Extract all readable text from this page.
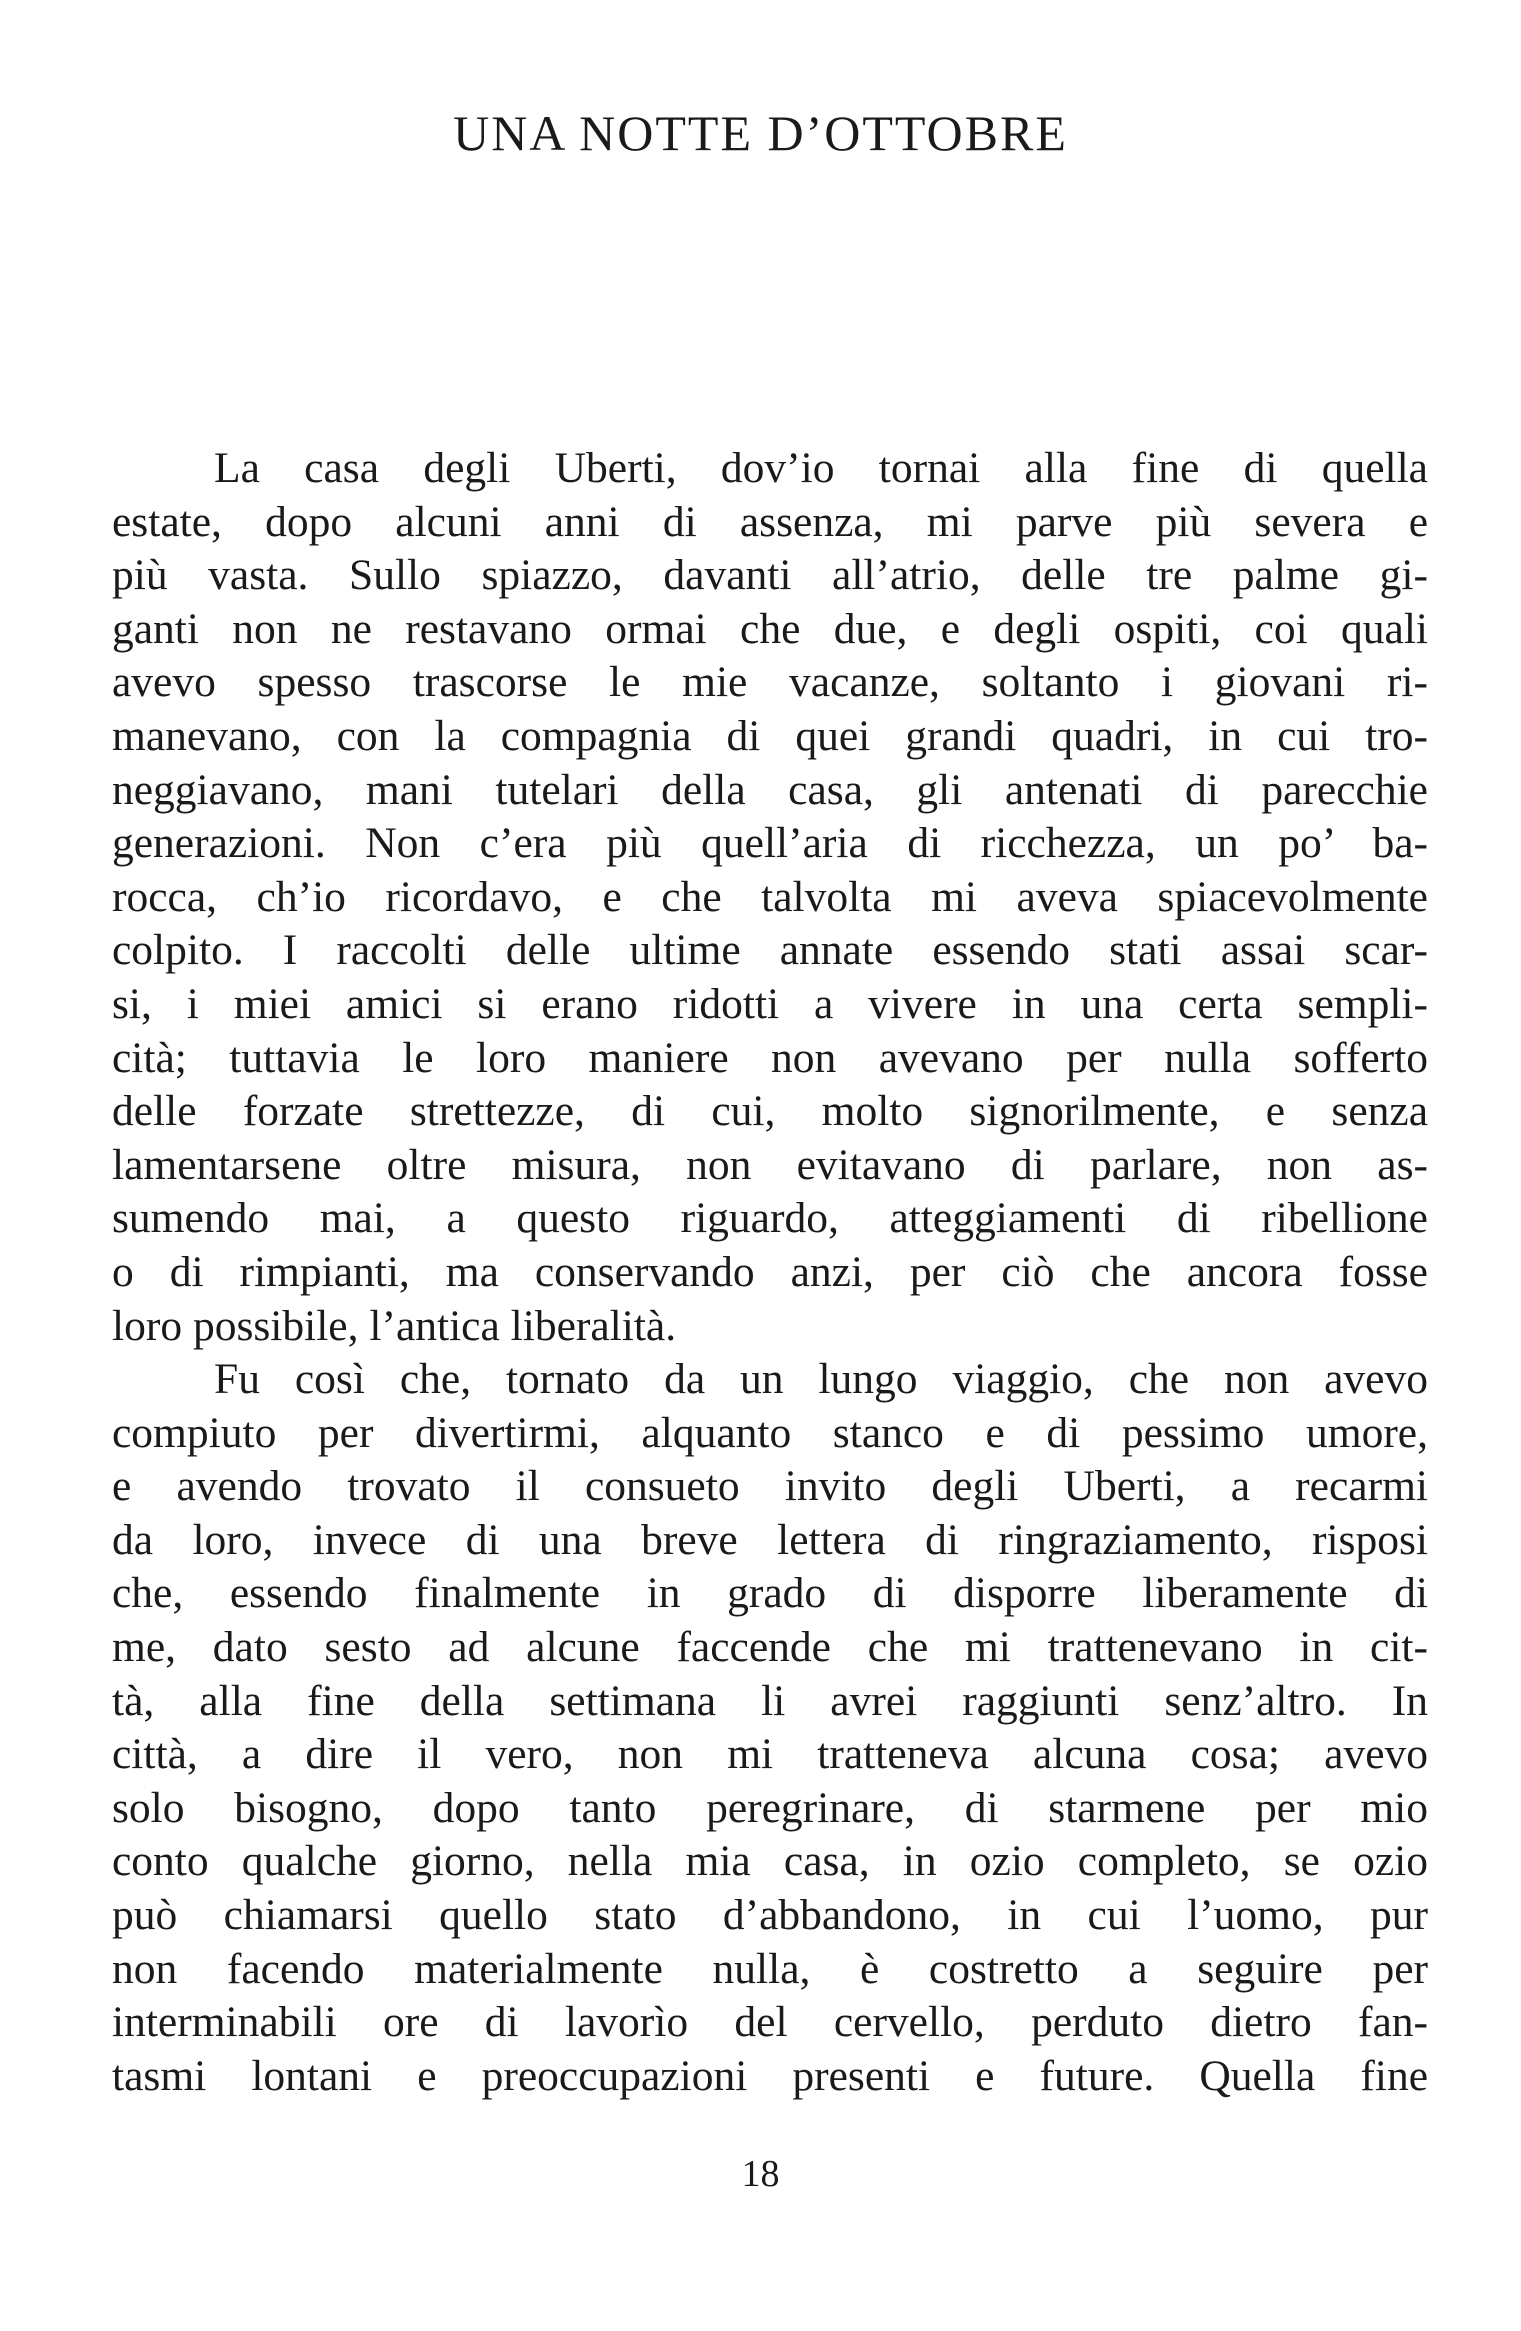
UNA NOTTE D’OTTOBRE
La casa degli Uberti, dov’io tornai alla fine di quella
estate, dopo alcuni anni di assenza, mi parve più severa e
più vasta. Sullo spiazzo, davanti all’atrio, delle tre palme gi-
ganti non ne restavano ormai che due, e degli ospiti, coi quali
avevo spesso trascorse le mie vacanze, soltanto i giovani ri-
manevano, con la compagnia di quei grandi quadri, in cui tro-
neggiavano, mani tutelari della casa, gli antenati di parecchie
generazioni. Non c’era più quell’aria di ricchezza, un po’ ba-
rocca, ch’io ricordavo, e che talvolta mi aveva spiacevolmente
colpito. I raccolti delle ultime annate essendo stati assai scar-
si, i miei amici si erano ridotti a vivere in una certa sempli-
cità; tuttavia le loro maniere non avevano per nulla sofferto
delle forzate strettezze, di cui, molto signorilmente, e senza
lamentarsene oltre misura, non evitavano di parlare, non as-
sumendo mai, a questo riguardo, atteggiamenti di ribellione
o di rimpianti, ma conservando anzi, per ciò che ancora fosse
loro possibile, l’antica liberalità.
Fu così che, tornato da un lungo viaggio, che non avevo
compiuto per divertirmi, alquanto stanco e di pessimo umore,
e avendo trovato il consueto invito degli Uberti, a recarmi
da loro, invece di una breve lettera di ringraziamento, risposi
che, essendo finalmente in grado di disporre liberamente di
me, dato sesto ad alcune faccende che mi trattenevano in cit-
tà, alla fine della settimana li avrei raggiunti senz’altro. In
città, a dire il vero, non mi tratteneva alcuna cosa; avevo
solo bisogno, dopo tanto peregrinare, di starmene per mio
conto qualche giorno, nella mia casa, in ozio completo, se ozio
può chiamarsi quello stato d’abbandono, in cui l’uomo, pur
non facendo materialmente nulla, è costretto a seguire per
interminabili ore di lavorìo del cervello, perduto dietro fan-
tasmi lontani e preoccupazioni presenti e future. Quella fine
18
